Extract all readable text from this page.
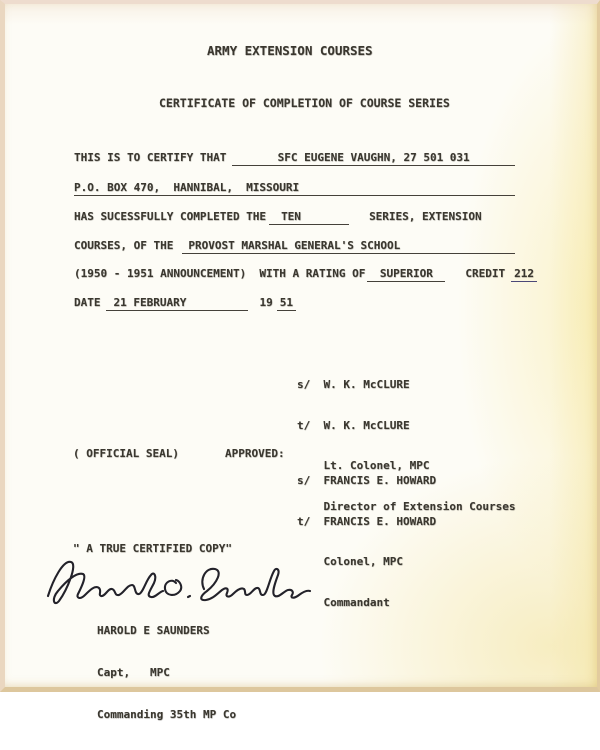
ARMY EXTENSION COURSES
CERTIFICATE OF COMPLETION OF COURSE SERIES
THIS IS TO CERTIFY THAT	SFC EUGENE VAUGHN, 27 501 031
P.O. BOX 470,  HANNIBAL,  MISSOURI
HAS SUCESSFULLY COMPLETED THE	TEN	SERIES, EXTENSION
COURSES, OF THE	PROVOST MARSHAL GENERAL'S SCHOOL
(1950 - 1951 ANNOUNCEMENT)  WITH A RATING OF	SUPERIOR	CREDIT 212
DATE	21 FEBRUARY	19 51

s/  W. K. McCLURE

t/  W. K. McCLURE

Lt. Colonel, MPC

Director of Extension Courses

( OFFICIAL SEAL)	APPROVED:

s/  FRANCIS E. HOWARD

t/  FRANCIS E. HOWARD

Colonel, MPC

Commandant

" A TRUE CERTIFIED COPY"

HAROLD E SAUNDERS

Capt,   MPC

Commanding 35th MP Co
